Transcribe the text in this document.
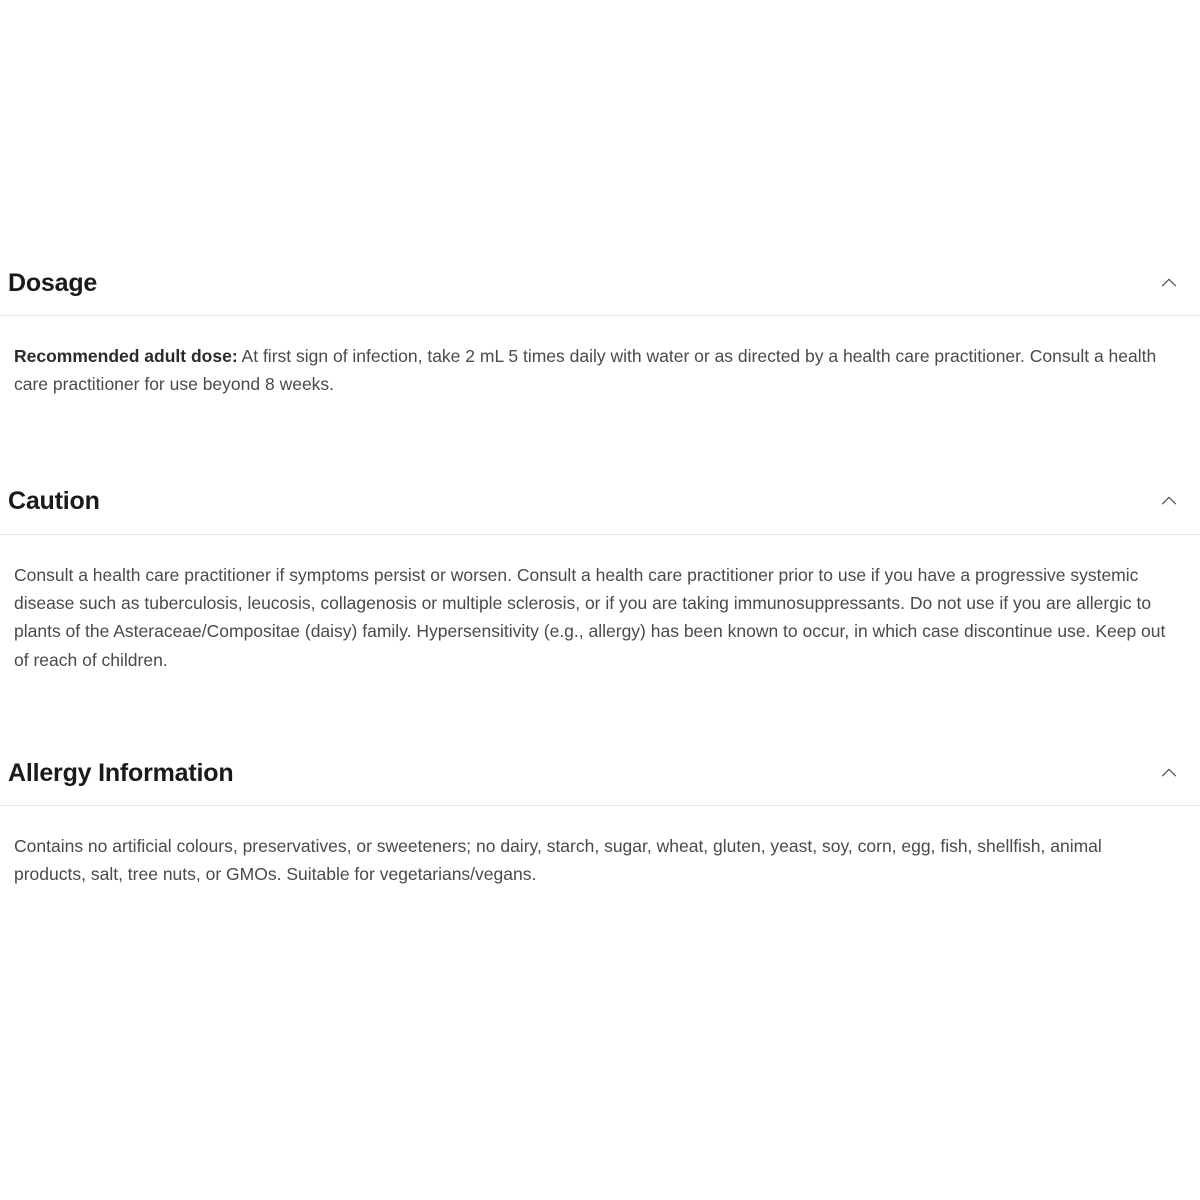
Dosage

Recommended adult dose: At first sign of infection, take 2 mL 5 times daily with water or as directed by a health care practitioner. Consult a health care practitioner for use beyond 8 weeks.

Caution

Consult a health care practitioner if symptoms persist or worsen. Consult a health care practitioner prior to use if you have a progressive systemic disease such as tuberculosis, leucosis, collagenosis or multiple sclerosis, or if you are taking immunosuppressants. Do not use if you are allergic to plants of the Asteraceae/Compositae (daisy) family. Hypersensitivity (e.g., allergy) has been known to occur, in which case discontinue use. Keep out of reach of children.

Allergy Information

Contains no artificial colours, preservatives, or sweeteners; no dairy, starch, sugar, wheat, gluten, yeast, soy, corn, egg, fish, shellfish, animal products, salt, tree nuts, or GMOs. Suitable for vegetarians/vegans.
